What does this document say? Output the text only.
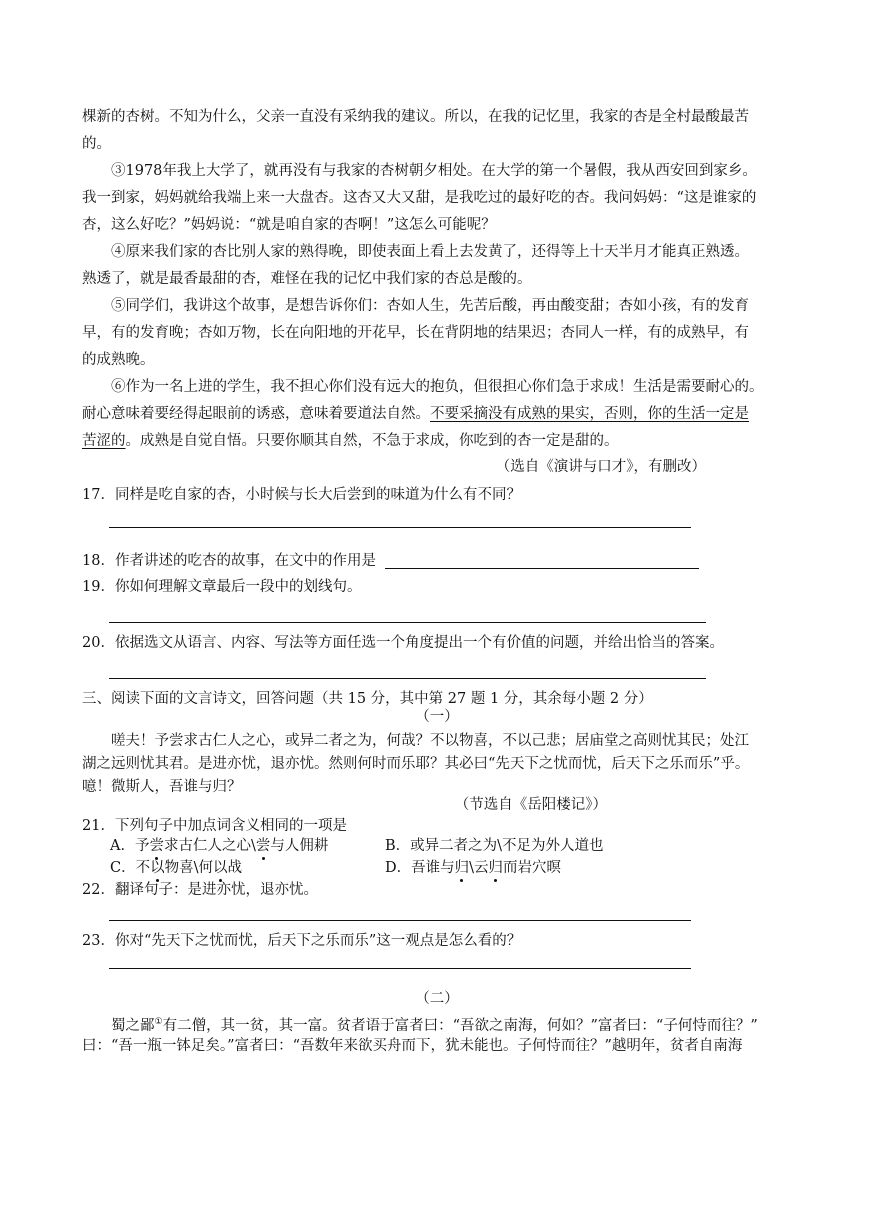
棵新的杏树。不知为什么，父亲一直没有采纳我的建议。所以，在我的记忆里，我家的杏是全村最酸最苦
的。
③1978年我上大学了，就再没有与我家的杏树朝夕相处。在大学的第一个暑假，我从西安回到家乡。
我一到家，妈妈就给我端上来一大盘杏。这杏又大又甜，是我吃过的最好吃的杏。我问妈妈：“这是谁家的
杏，这么好吃？”妈妈说：“就是咱自家的杏啊！”这怎么可能呢？
④原来我们家的杏比别人家的熟得晚，即使表面上看上去发黄了，还得等上十天半月才能真正熟透。
熟透了，就是最香最甜的杏，难怪在我的记忆中我们家的杏总是酸的。
⑤同学们，我讲这个故事，是想告诉你们：杏如人生，先苦后酸，再由酸变甜；杏如小孩，有的发育
早，有的发育晚；杏如万物，长在向阳地的开花早，长在背阴地的结果迟；杏同人一样，有的成熟早，有
的成熟晚。
⑥作为一名上进的学生，我不担心你们没有远大的抱负，但很担心你们急于求成！生活是需要耐心的。
耐心意味着要经得起眼前的诱惑，意味着要道法自然。不要采摘没有成熟的果实，否则，你的生活一定是
苦涩的。成熟是自觉自悟。只要你顺其自然，不急于求成，你吃到的杏一定是甜的。
（选自《演讲与口才》，有删改）
17．同样是吃自家的杏，小时候与长大后尝到的味道为什么有不同？
18．作者讲述的吃杏的故事，在文中的作用是
19．你如何理解文章最后一段中的划线句。
20．依据选文从语言、内容、写法等方面任选一个角度提出一个有价值的问题，并给出恰当的答案。
三、阅读下面的文言诗文，回答问题（共 15 分，其中第 27 题 1 分，其余每小题 2 分）
（一）
嗟夫！予尝求古仁人之心，或异二者之为，何哉？不以物喜，不以己悲；居庙堂之高则忧其民；处江
湖之远则忧其君。是进亦忧，退亦忧。然则何时而乐耶？其必曰“先天下之忧而忧，后天下之乐而乐”乎。
噫！微斯人，吾谁与归？
（节选自《岳阳楼记》）
21．下列句子中加点词含义相同的一项是
A．予尝求古仁人之心\尝与人佣耕	B．或异二者之为\不足为外人道也
C．不以物喜\何以战	D．吾谁与归\云归而岩穴暝
22．翻译句子：是进亦忧，退亦忧。
23．你对“先天下之忧而忧，后天下之乐而乐”这一观点是怎么看的？
（二）
蜀之鄙①有二僧，其一贫，其一富。贫者语于富者曰：“吾欲之南海，何如？”富者曰：“子何恃而往？”
曰：“吾一瓶一钵足矣。”富者曰：“吾数年来欲买舟而下，犹未能也。子何恃而往？”越明年，贫者自南海
